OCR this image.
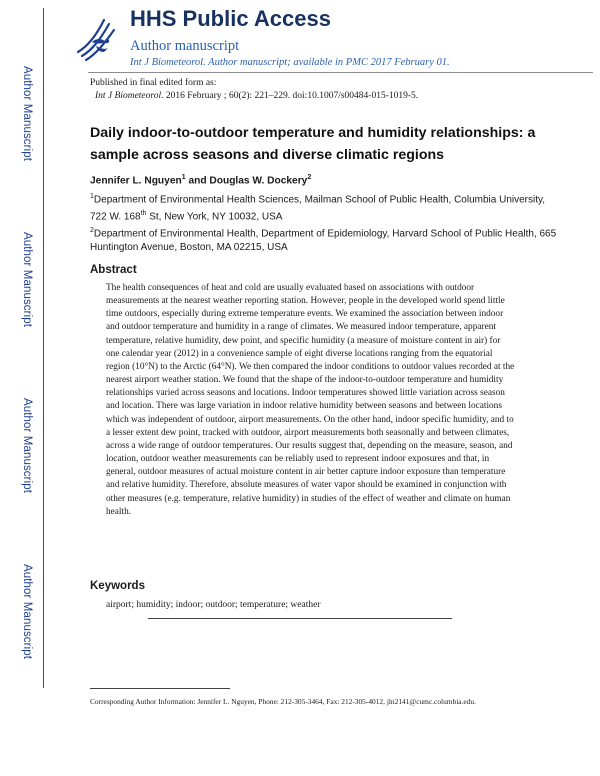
Author Manuscript
Author Manuscript
Author Manuscript
Author Manuscript
HHS Public Access
Author manuscript
Int J Biometeorol. Author manuscript; available in PMC 2017 February 01.
Published in final edited form as:
Int J Biometeorol. 2016 February ; 60(2): 221–229. doi:10.1007/s00484-015-1019-5.
Daily indoor-to-outdoor temperature and humidity relationships: a sample across seasons and diverse climatic regions
Jennifer L. Nguyen$^1$ and Douglas W. Dockery$^2$
$^1$Department of Environmental Health Sciences, Mailman School of Public Health, Columbia University, 722 W. 168th St, New York, NY 10032, USA
$^2$Department of Environmental Health, Department of Epidemiology, Harvard School of Public Health, 665 Huntington Avenue, Boston, MA 02215, USA
Abstract
The health consequences of heat and cold are usually evaluated based on associations with outdoor measurements at the nearest weather reporting station. However, people in the developed world spend little time outdoors, especially during extreme temperature events. We examined the association between indoor and outdoor temperature and humidity in a range of climates. We measured indoor temperature, apparent temperature, relative humidity, dew point, and specific humidity (a measure of moisture content in air) for one calendar year (2012) in a convenience sample of eight diverse locations ranging from the equatorial region (10°N) to the Arctic (64°N). We then compared the indoor conditions to outdoor values recorded at the nearest airport weather station. We found that the shape of the indoor-to-outdoor temperature and humidity relationships varied across seasons and locations. Indoor temperatures showed little variation across season and location. There was large variation in indoor relative humidity between seasons and between locations which was independent of outdoor, airport measurements. On the other hand, indoor specific humidity, and to a lesser extent dew point, tracked with outdoor, airport measurements both seasonally and between climates, across a wide range of outdoor temperatures. Our results suggest that, depending on the measure, season, and location, outdoor weather measurements can be reliably used to represent indoor exposures and that, in general, outdoor measures of actual moisture content in air better capture indoor exposure than temperature and relative humidity. Therefore, absolute measures of water vapor should be examined in conjunction with other measures (e.g. temperature, relative humidity) in studies of the effect of weather and climate on human health.
Keywords
airport; humidity; indoor; outdoor; temperature; weather
Corresponding Author Information: Jennifer L. Nguyen, Phone: 212-305-3464, Fax: 212-305-4012, jln2141@cumc.columbia.edu.
